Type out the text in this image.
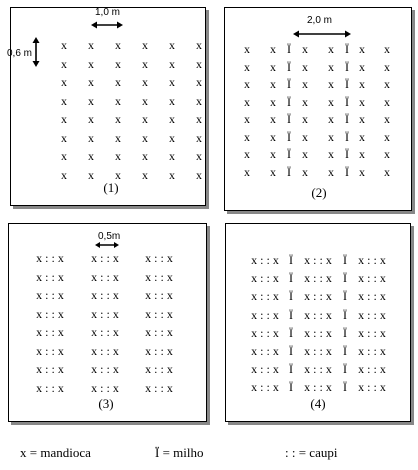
1,0 m
0,6 m
x x x x x x
x x x x x x
x x x x x x
x x x x x x
x x x x x x
x x x x x x
x x x x x x
x x x x x x
(1)
2,0 m
x x Ï x x Ï x x
x x Ï x x Ï x x
x x Ï x x Ï x x
x x Ï x x Ï x x
x x Ï x x Ï x x
x x Ï x x Ï x x
x x Ï x x Ï x x
x x Ï x x Ï x x
(2)
0,5m
x : : x x : : x x : : x
x : : x x : : x x : : x
x : : x x : : x x : : x
x : : x x : : x x : : x
x : : x x : : x x : : x
x : : x x : : x x : : x
x : : x x : : x x : : x
x : : x x : : x x : : x
(3)
x : : x Ï x : : x Ï x : : x
x : : x Ï x : : x Ï x : : x
x : : x Ï x : : x Ï x : : x
x : : x Ï x : : x Ï x : : x
x : : x Ï x : : x Ï x : : x
x : : x Ï x : : x Ï x : : x
x : : x Ï x : : x Ï x : : x
x : : x Ï x : : x Ï x : : x
(4)
x = mandioca	Ï = milho	: : = caupi
